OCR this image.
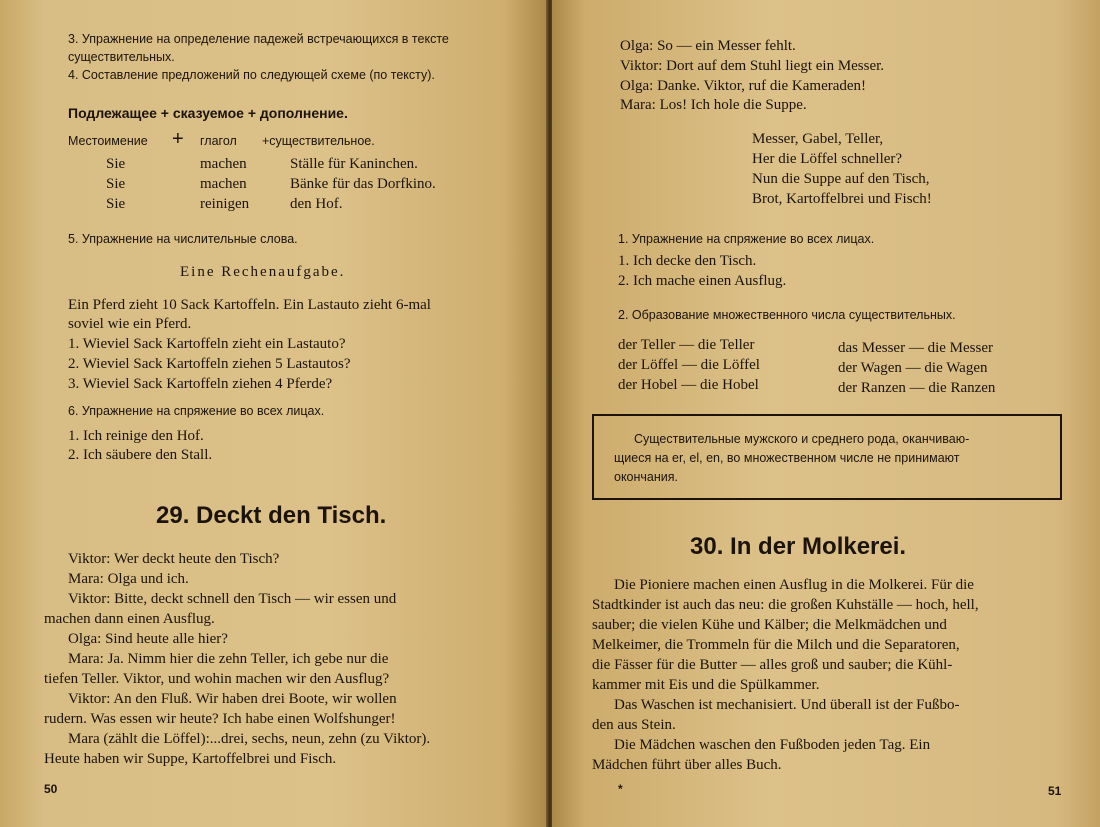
3. Упражнение на определение падежей встречающихся в тексте
существительных.
4. Составление предложений по следующей схеме (по тексту).
Подлежащее + сказуемое + дополнение.
Местоимение + глагол +существительное.
Sie	machen	Ställe für Kaninchen.
Sie	machen	Bänke für das Dorfkino.
Sie	reinigen	den Hof.
5. Упражнение на числительные слова.
Eine Rechenaufgabe.
Ein Pferd zieht 10 Sack Kartoffeln. Ein Lastauto zieht 6-mal
soviel wie ein Pferd.
1. Wieviel Sack Kartoffeln zieht ein Lastauto?
2. Wieviel Sack Kartoffeln ziehen 5 Lastautos?
3. Wieviel Sack Kartoffeln ziehen 4 Pferde?
6. Упражнение на спряжение во всех лицах.
1. Ich reinige den Hof.
2. Ich säubere den Stall.
29. Deckt den Tisch.
Viktor: Wer deckt heute den Tisch?
Mara: Olga und ich.
Viktor: Bitte, deckt schnell den Tisch — wir essen und
machen dann einen Ausflug.
Olga: Sind heute alle hier?
Mara: Ja. Nimm hier die zehn Teller, ich gebe nur die
tiefen Teller. Viktor, und wohin machen wir den Ausflug?
Viktor: An den Fluß. Wir haben drei Boote, wir wollen
rudern. Was essen wir heute? Ich habe einen Wolfshunger!
Mara (zählt die Löffel):...drei, sechs, neun, zehn (zu Viktor).
Heute haben wir Suppe, Kartoffelbrei und Fisch.
50
Olga: So — ein Messer fehlt.
Viktor: Dort auf dem Stuhl liegt ein Messer.
Olga: Danke. Viktor, ruf die Kameraden!
Mara: Los! Ich hole die Suppe.
Messer, Gabel, Teller,
Her die Löffel schneller?
Nun die Suppe auf den Tisch,
Brot, Kartoffelbrei und Fisch!
1. Упражнение на спряжение во всех лицах.
1. Ich decke den Tisch.
2. Ich mache einen Ausflug.
2. Образование множественного числа существительных.
der Teller — die Teller
der Löffel — die Löffel
der Hobel — die Hobel
das Messer — die Messer
der Wagen — die Wagen
der Ranzen — die Ranzen
Существительные мужского и среднего рода, оканчиваю-
щиеся на er, el, en, во множественном числе не принимают
окончания.
30. In der Molkerei.
Die Pioniere machen einen Ausflug in die Molkerei. Für die
Stadtkinder ist auch das neu: die großen Kuhställe — hoch, hell,
sauber; die vielen Kühe und Kälber; die Melkmädchen und
Melkeimer, die Trommeln für die Milch und die Separatoren,
die Fässer für die Butter — alles groß und sauber; die Kühl-
kammer mit Eis und die Spülkammer.
Das Waschen ist mechanisiert. Und überall ist der Fußbo-
den aus Stein.
Die Mädchen waschen den Fußboden jeden Tag. Ein
Mädchen führt über alles Buch.
*	51
